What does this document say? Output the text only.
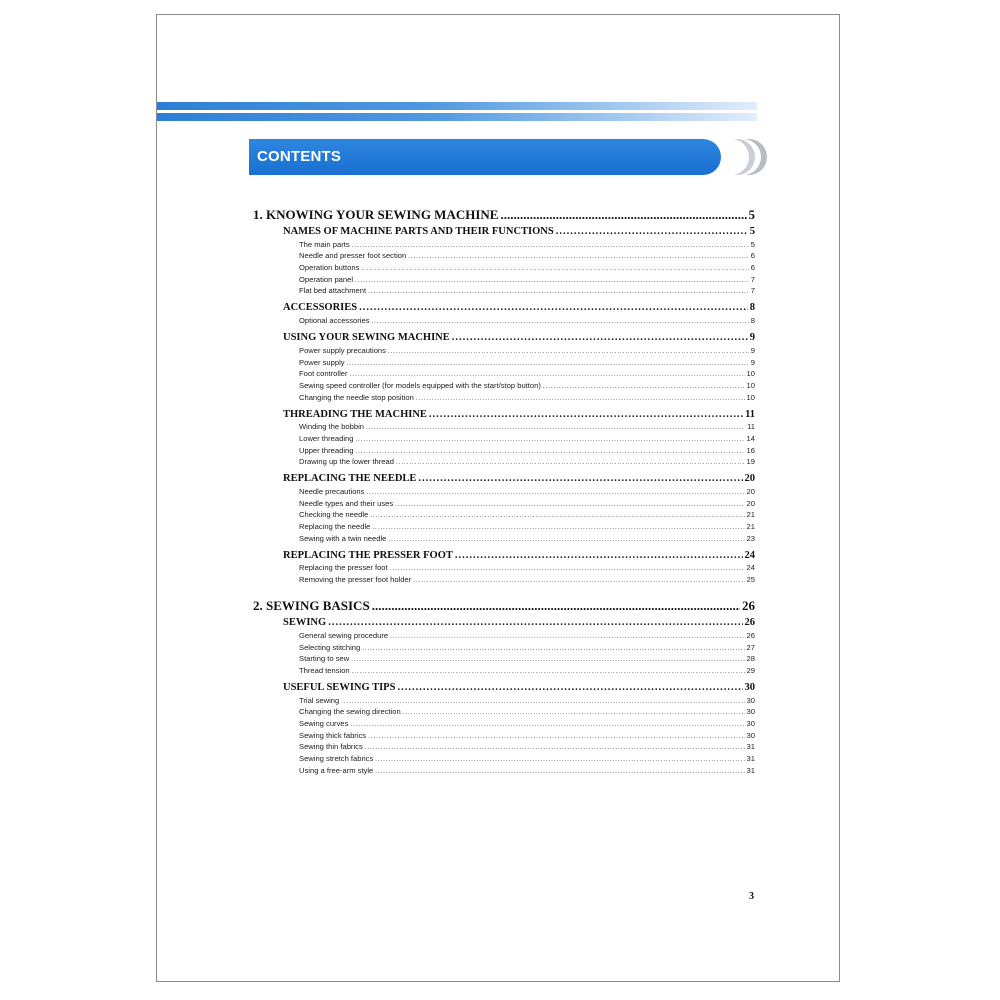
CONTENTS
1. KNOWING YOUR SEWING MACHINE .....	5
NAMES OF MACHINE PARTS AND THEIR FUNCTIONS .....	5
The main parts .....	5
Needle and presser foot section .....	6
Operation buttons .....	6
Operation panel .....	7
Flat bed attachment .....	7
ACCESSORIES .....	8
Optional accessories .....	8
USING YOUR SEWING MACHINE .....	9
Power supply precautions .....	9
Power supply .....	9
Foot controller .....	10
Sewing speed controller (for models equipped with the start/stop button) .....	10
Changing the needle stop position .....	10
THREADING THE MACHINE .....	11
Winding the bobbin .....	11
Lower threading .....	14
Upper threading .....	16
Drawing up the lower thread .....	19
REPLACING THE NEEDLE .....	20
Needle precautions .....	20
Needle types and their uses .....	20
Checking the needle .....	21
Replacing the needle .....	21
Sewing with a twin needle .....	23
REPLACING THE PRESSER FOOT .....	24
Replacing the presser foot .....	24
Removing the presser foot holder .....	25
2. SEWING BASICS .....	26
SEWING .....	26
General sewing procedure .....	26
Selecting stitching .....	27
Starting to sew .....	28
Thread tension .....	29
USEFUL SEWING TIPS .....	30
Trial sewing .....	30
Changing the sewing direction .....	30
Sewing curves .....	30
Sewing thick fabrics .....	30
Sewing thin fabrics .....	31
Sewing stretch fabrics .....	31
Using a free-arm style .....	31
3
